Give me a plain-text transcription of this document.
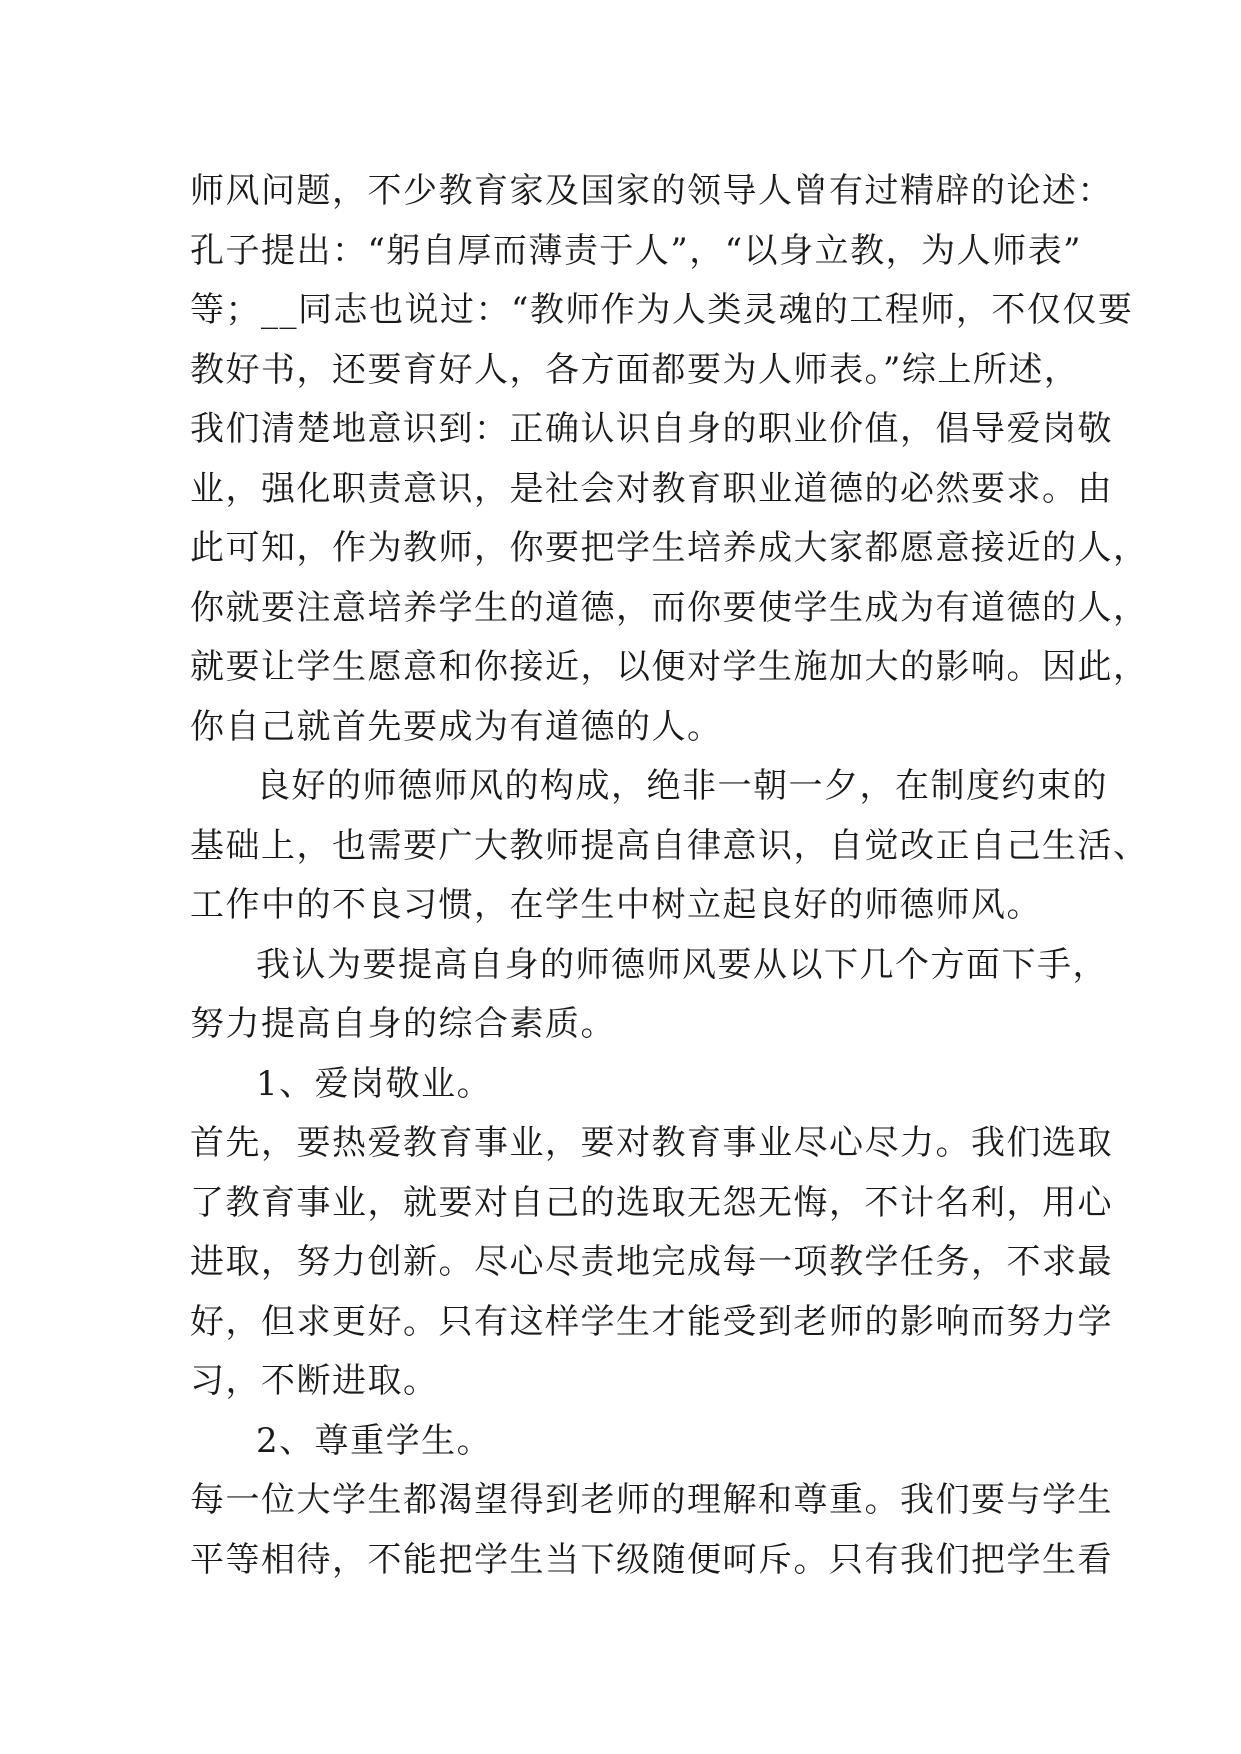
师风问题，不少教育家及国家的领导人曾有过精辟的论述：
孔子提出：“躬自厚而薄责于人”，“以身立教，为人师表”
等；__同志也说过：“教师作为人类灵魂的工程师，不仅仅要
教好书，还要育好人，各方面都要为人师表。”综上所述，
我们清楚地意识到：正确认识自身的职业价值，倡导爱岗敬
业，强化职责意识，是社会对教育职业道德的必然要求。由
此可知，作为教师，你要把学生培养成大家都愿意接近的人，
你就要注意培养学生的道德，而你要使学生成为有道德的人，
就要让学生愿意和你接近，以便对学生施加大的影响。因此，
你自己就首先要成为有道德的人。
良好的师德师风的构成，绝非一朝一夕，在制度约束的
基础上，也需要广大教师提高自律意识，自觉改正自己生活、
工作中的不良习惯，在学生中树立起良好的师德师风。
我认为要提高自身的师德师风要从以下几个方面下手，
努力提高自身的综合素质。
1、爱岗敬业。
首先，要热爱教育事业，要对教育事业尽心尽力。我们选取
了教育事业，就要对自己的选取无怨无悔，不计名利，用心
进取，努力创新。尽心尽责地完成每一项教学任务，不求最
好，但求更好。只有这样学生才能受到老师的影响而努力学
习，不断进取。
2、尊重学生。
每一位大学生都渴望得到老师的理解和尊重。我们要与学生
平等相待，不能把学生当下级随便呵斥。只有我们把学生看
